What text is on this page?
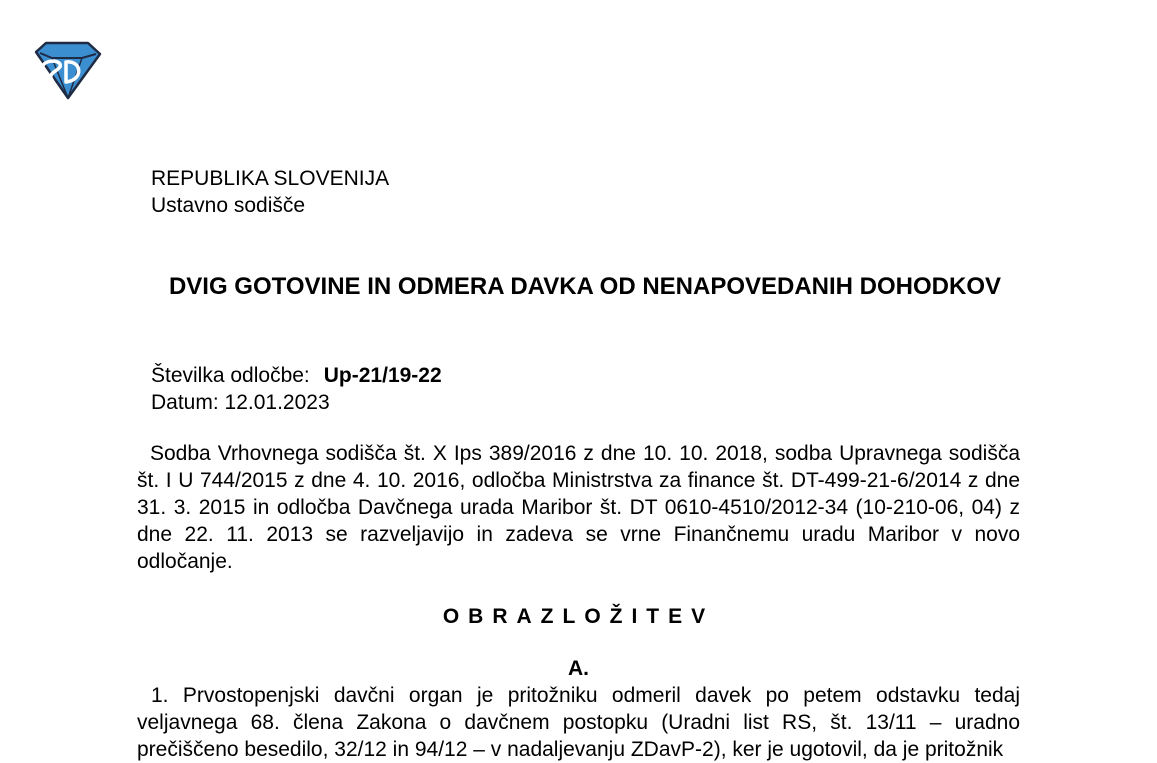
REPUBLIKA SLOVENIJA
Ustavno sodišče
DVIG GOTOVINE IN ODMERA DAVKA OD NENAPOVEDANIH DOHODKOV
Številka odločbe: Up-21/19-22
Datum: 12.01.2023
Sodba Vrhovnega sodišča št. X Ips 389/2016 z dne 10. 10. 2018, sodba Upravnega sodišča št. I U 744/2015 z dne 4. 10. 2016, odločba Ministrstva za finance št. DT-499-21-6/2014 z dne 31. 3. 2015 in odločba Davčnega urada Maribor št. DT 0610-4510/2012-34 (10-210-06, 04) z dne 22. 11. 2013 se razveljavijo in zadeva se vrne Finančnemu uradu Maribor v novo odločanje.
OBRAZLOŽITEV
A.
1. Prvostopenjski davčni organ je pritožniku odmeril davek po petem odstavku tedaj veljavnega 68. člena Zakona o davčnem postopku (Uradni list RS, št. 13/11 – uradno prečiščeno besedilo, 32/12 in 94/12 – v nadaljevanju ZDavP-2), ker je ugotovil, da je pritožnik
